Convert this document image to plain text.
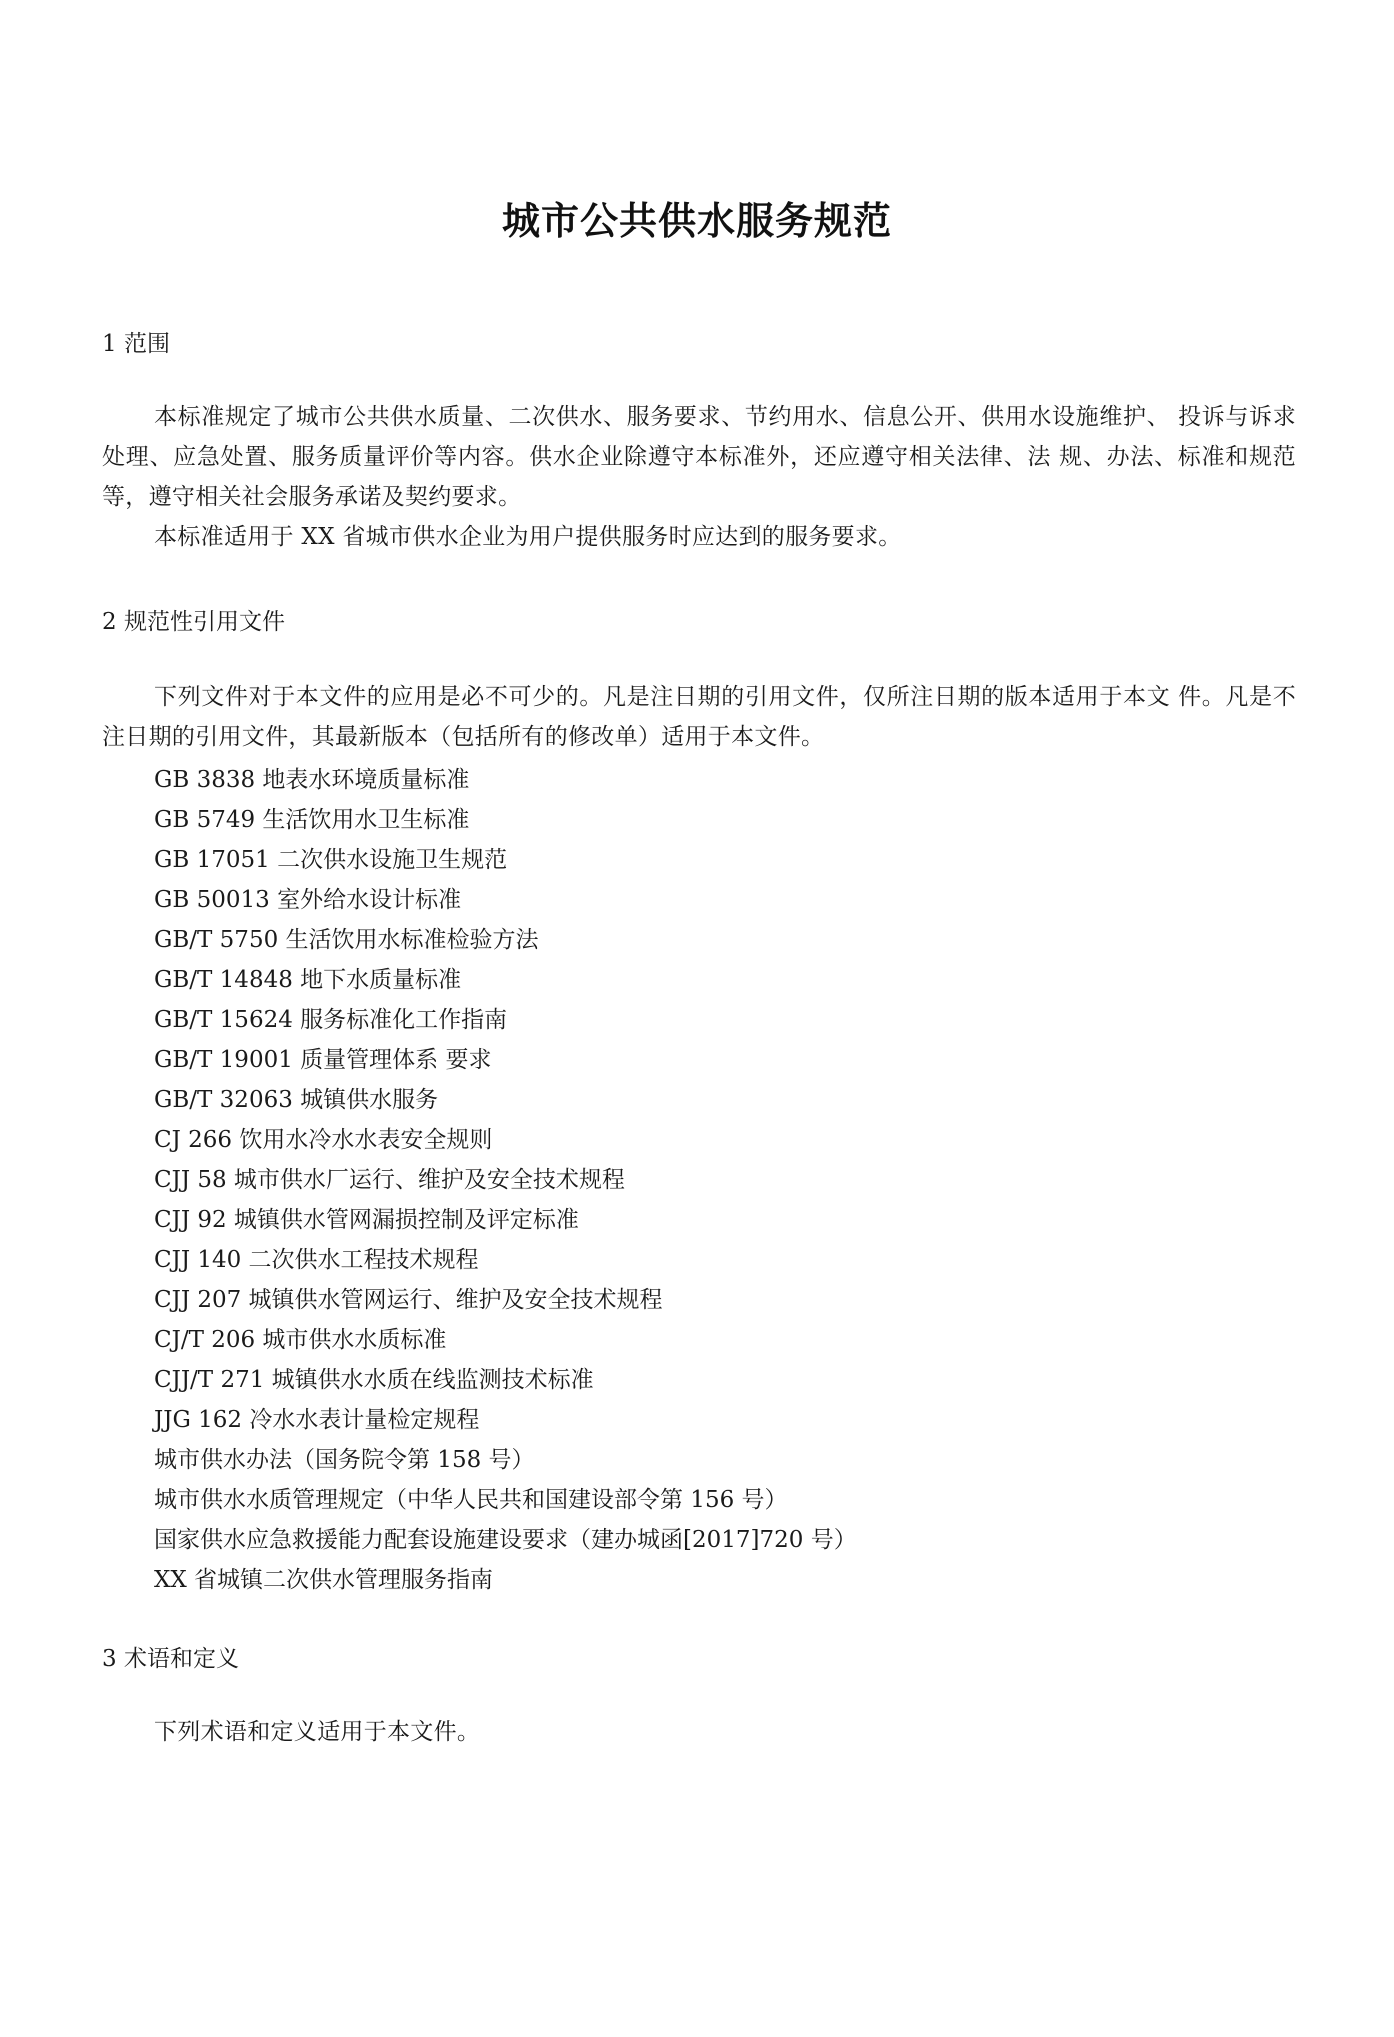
城市公共供水服务规范
1 范围
本标准规定了城市公共供水质量、二次供水、服务要求、节约用水、信息公开、供用水设施维护、 投诉与诉求处理、应急处置、服务质量评价等内容。供水企业除遵守本标准外，还应遵守相关法律、法 规、办法、标准和规范等，遵守相关社会服务承诺及契约要求。
本标准适用于 XX 省城市供水企业为用户提供服务时应达到的服务要求。
2 规范性引用文件
下列文件对于本文件的应用是必不可少的。凡是注日期的引用文件，仅所注日期的版本适用于本文 件。凡是不注日期的引用文件，其最新版本（包括所有的修改单）适用于本文件。
GB 3838 地表水环境质量标准
GB 5749 生活饮用水卫生标准
GB 17051 二次供水设施卫生规范
GB 50013 室外给水设计标准
GB/T 5750 生活饮用水标准检验方法
GB/T 14848 地下水质量标准
GB/T 15624 服务标准化工作指南
GB/T 19001 质量管理体系 要求
GB/T 32063 城镇供水服务
CJ 266 饮用水冷水水表安全规则
CJJ 58 城市供水厂运行、维护及安全技术规程
CJJ 92 城镇供水管网漏损控制及评定标准
CJJ 140 二次供水工程技术规程
CJJ 207 城镇供水管网运行、维护及安全技术规程
CJ/T 206 城市供水水质标准
CJJ/T 271 城镇供水水质在线监测技术标准
JJG 162 冷水水表计量检定规程
城市供水办法（国务院令第 158 号）
城市供水水质管理规定（中华人民共和国建设部令第 156 号）
国家供水应急救援能力配套设施建设要求（建办城函[2017]720 号）
XX 省城镇二次供水管理服务指南
3 术语和定义
下列术语和定义适用于本文件。
